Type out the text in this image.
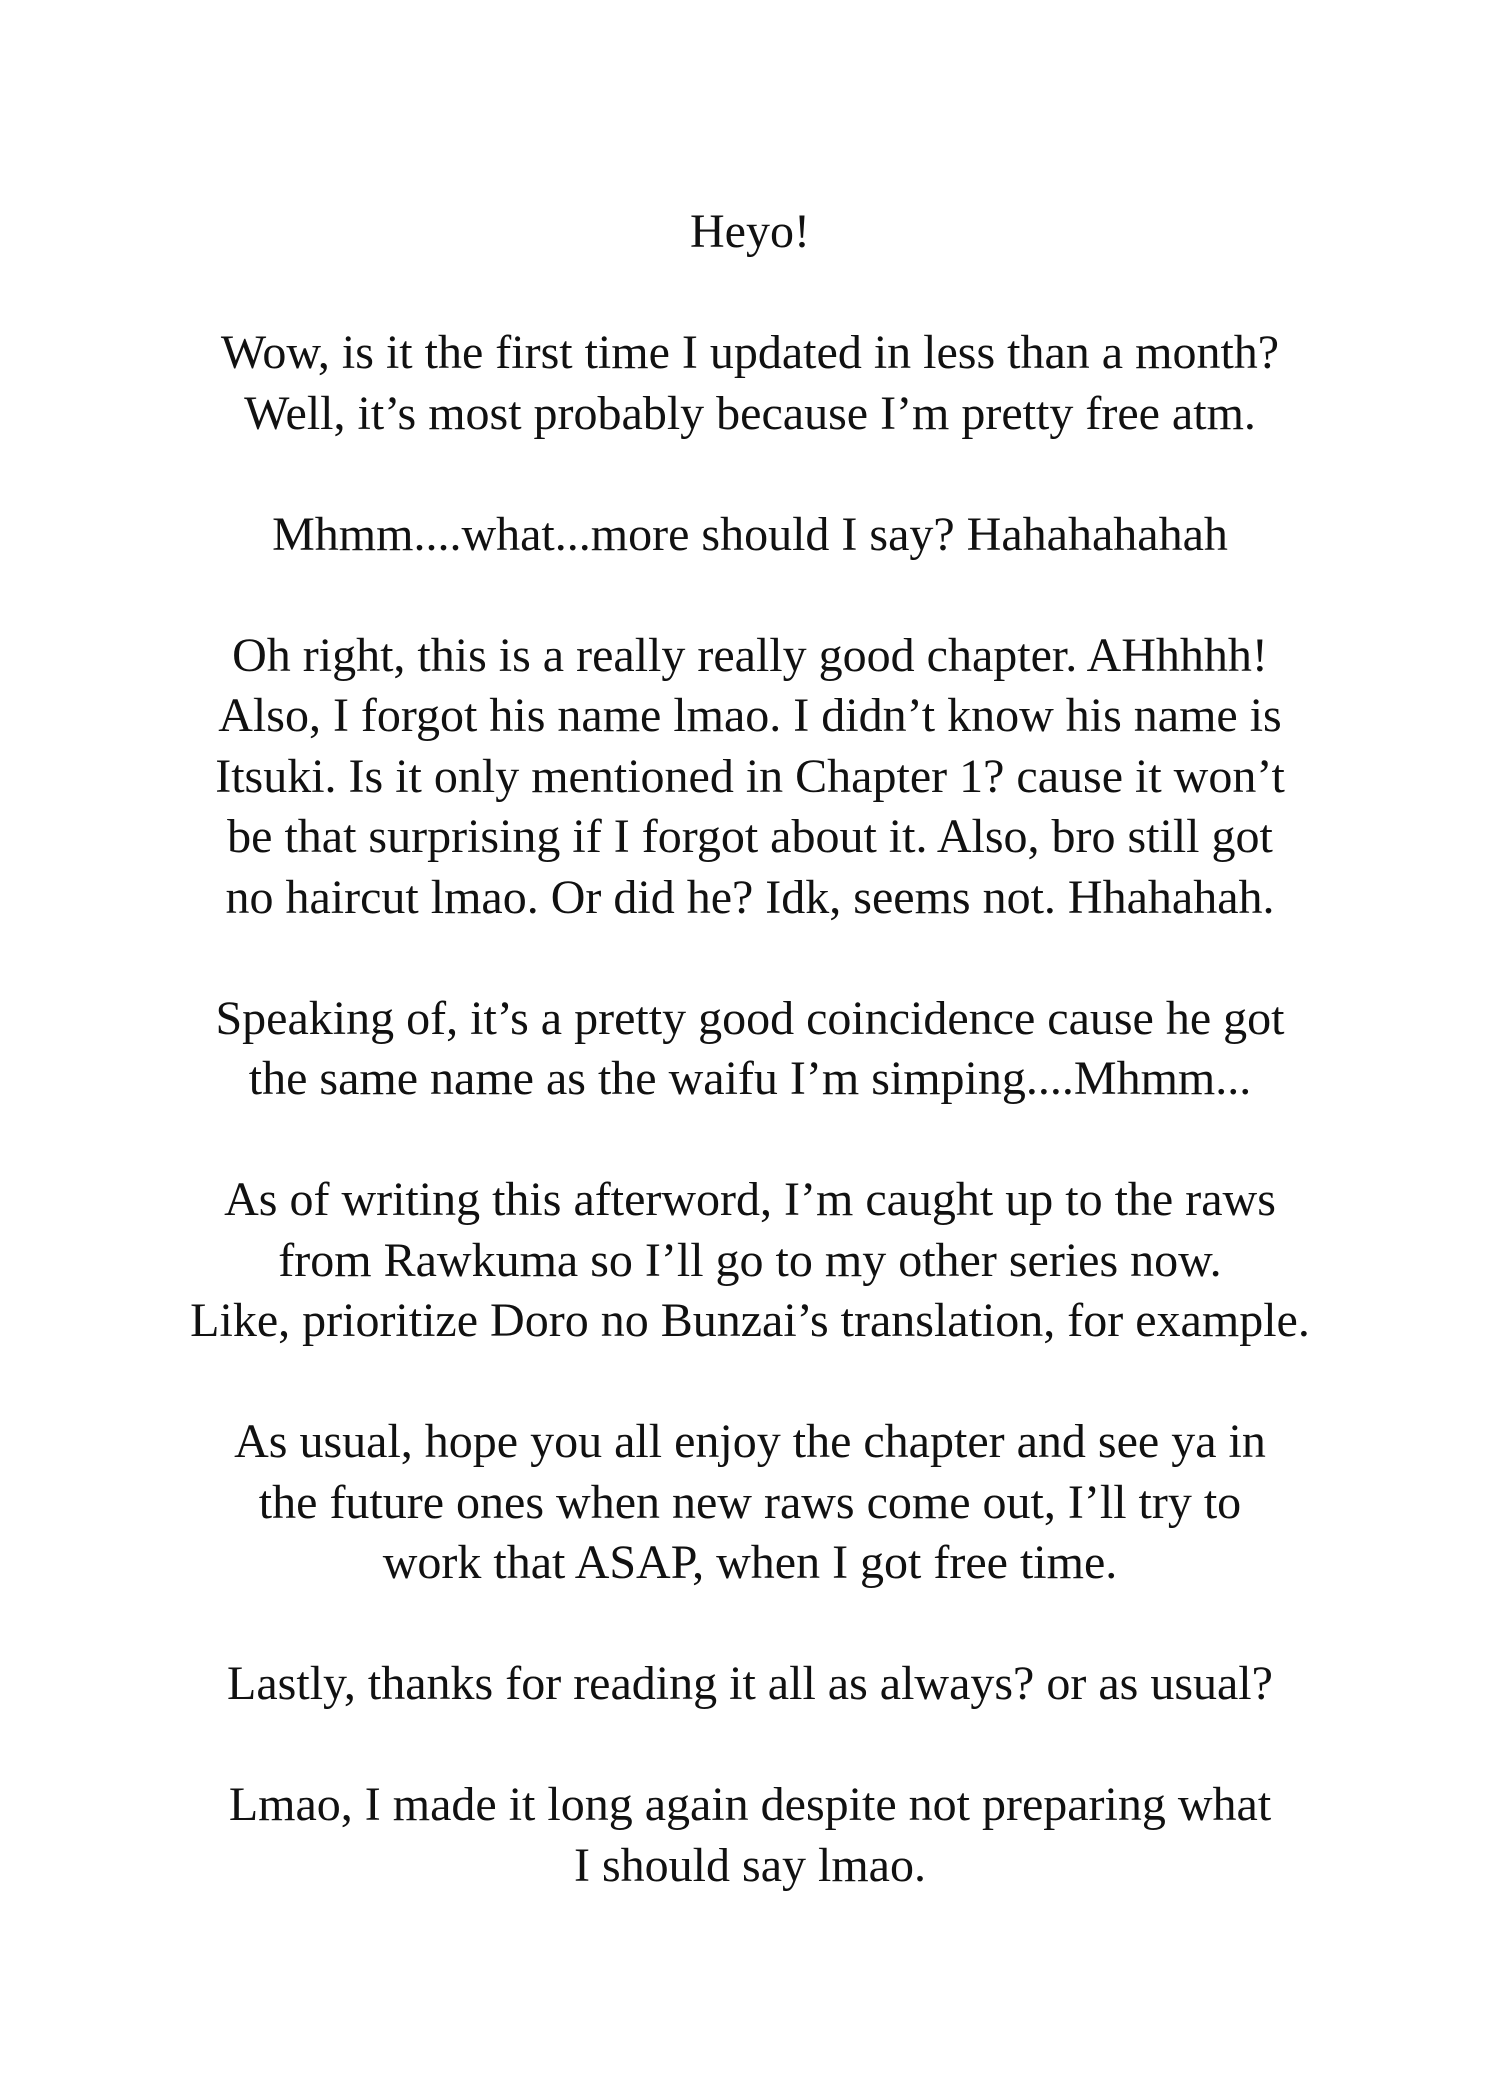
Heyo!

Wow, is it the first time I updated in less than a month?
Well, it’s most probably because I’m pretty free atm.

Mhmm....what...more should I say? Hahahahahah

Oh right, this is a really really good chapter. AHhhhh!
Also, I forgot his name lmao. I didn’t know his name is
Itsuki. Is it only mentioned in Chapter 1? cause it won’t
be that surprising if I forgot about it. Also, bro still got
no haircut lmao. Or did he? Idk, seems not. Hhahahah.

Speaking of, it’s a pretty good coincidence cause he got
the same name as the waifu I’m simping....Mhmm...

As of writing this afterword, I’m caught up to the raws
from Rawkuma so I’ll go to my other series now.
Like, prioritize Doro no Bunzai’s translation, for example.

As usual, hope you all enjoy the chapter and see ya in
the future ones when new raws come out, I’ll try to
work that ASAP, when I got free time.

Lastly, thanks for reading it all as always? or as usual?

Lmao, I made it long again despite not preparing what
I should say lmao.
